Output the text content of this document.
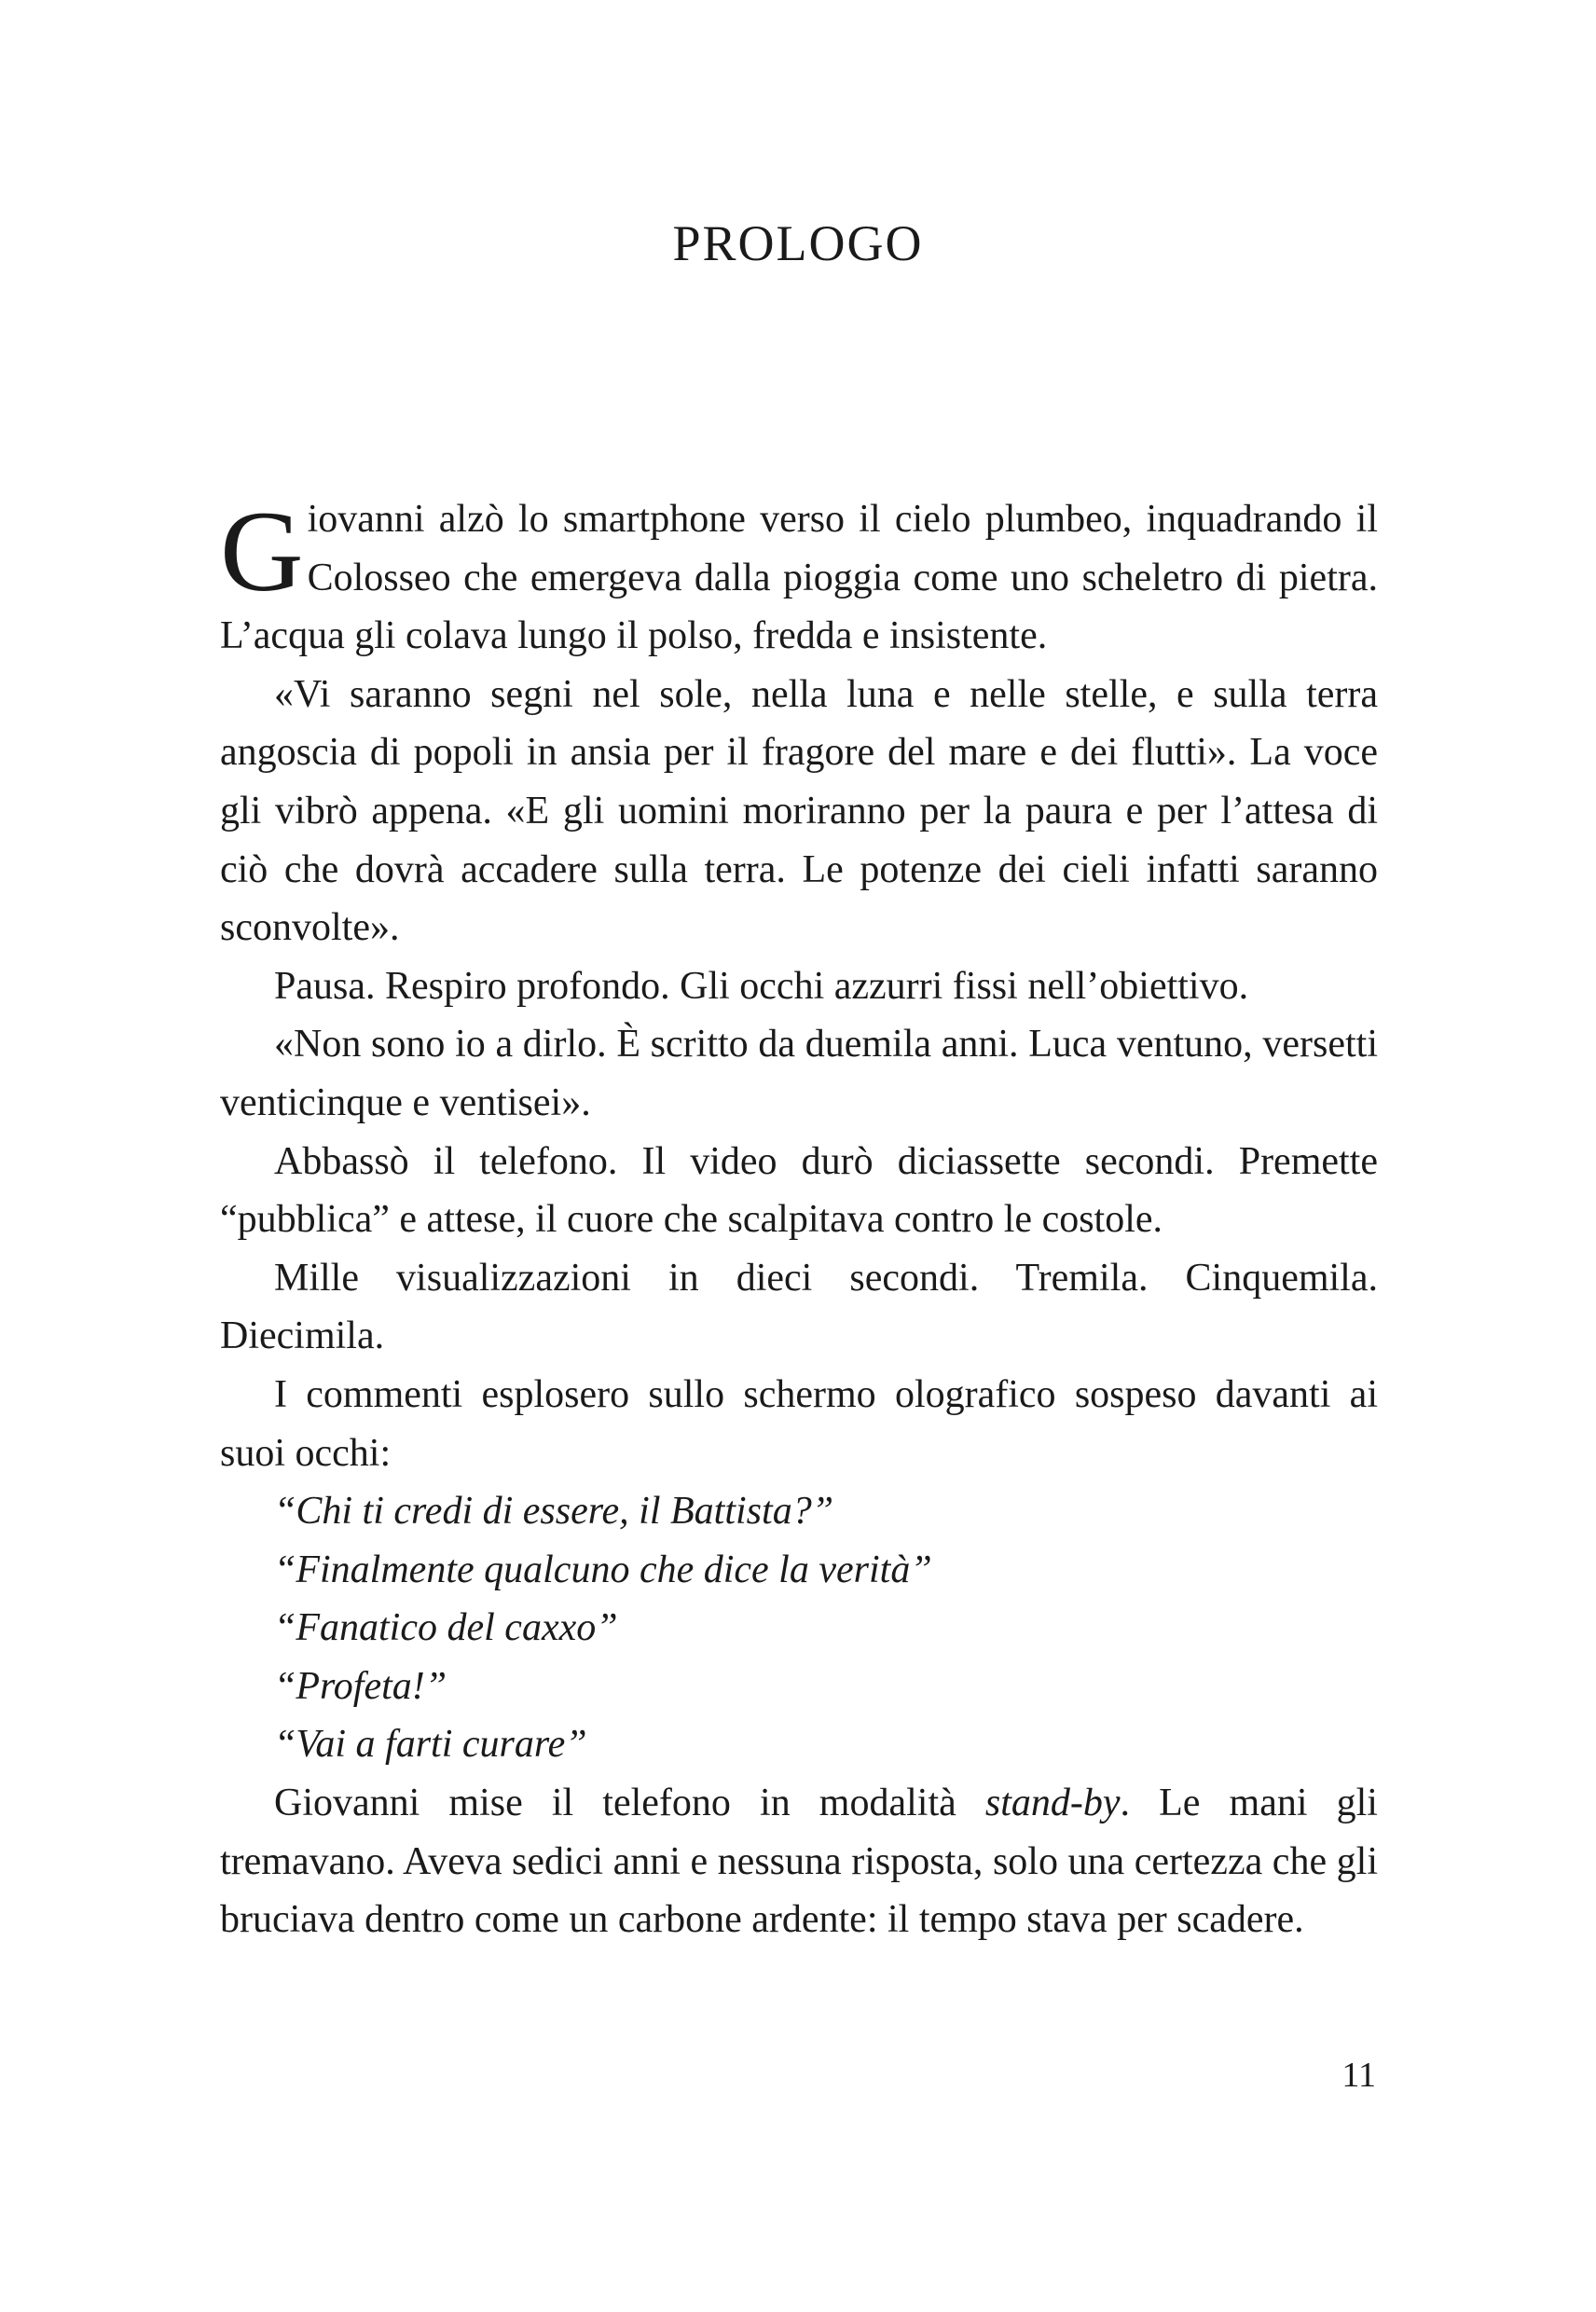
PROLOGO

Giovanni alzò lo smartphone verso il cielo plumbeo, inquadrando il Colosseo che emergeva dalla pioggia come uno scheletro di pietra. L’acqua gli colava lungo il polso, fredda e insistente.

«Vi saranno segni nel sole, nella luna e nelle stelle, e sulla terra angoscia di popoli in ansia per il fragore del mare e dei flutti». La voce gli vibrò appena. «E gli uomini moriranno per la paura e per l’attesa di ciò che dovrà accadere sulla terra. Le potenze dei cieli infatti saranno sconvolte».

Pausa. Respiro profondo. Gli occhi azzurri fissi nell’obiettivo.

«Non sono io a dirlo. È scritto da duemila anni. Luca ventuno, versetti venticinque e ventisei».

Abbassò il telefono. Il video durò diciassette secondi. Premette “pubblica” e attese, il cuore che scalpitava contro le costole.

Mille visualizzazioni in dieci secondi. Tremila. Cinquemila. Diecimila.

I commenti esplosero sullo schermo olografico sospeso davanti ai suoi occhi:

“Chi ti credi di essere, il Battista?”

“Finalmente qualcuno che dice la verità”

“Fanatico del caxxo”

“Profeta!”

“Vai a farti curare”

Giovanni mise il telefono in modalità stand-by. Le mani gli tremavano. Aveva sedici anni e nessuna risposta, solo una certezza che gli bruciava dentro come un carbone ardente: il tempo stava per scadere.

11
